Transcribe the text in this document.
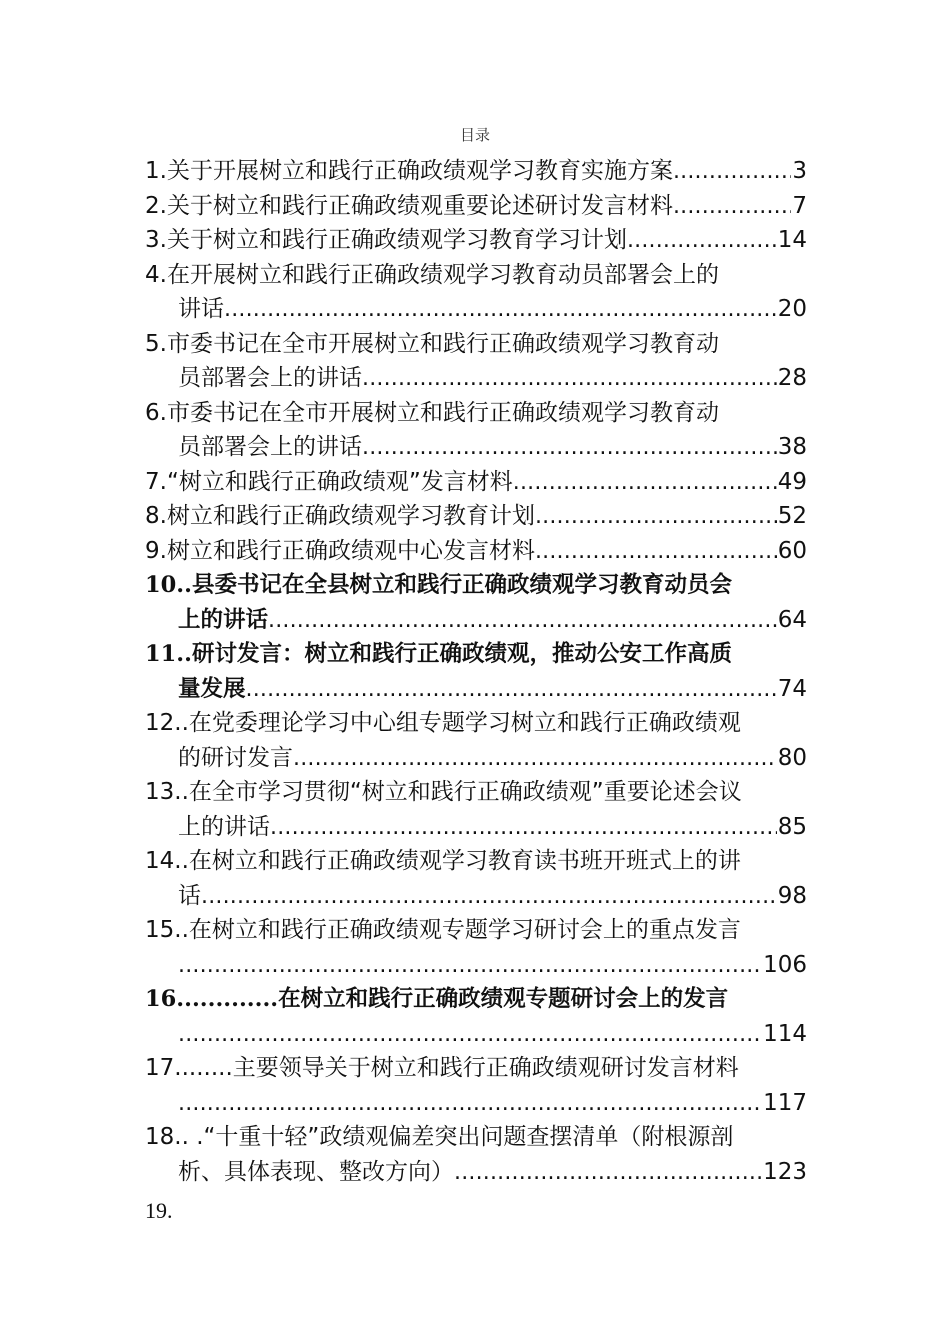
目录
1. 关于开展树立和践行正确政绩观学习教育实施方案 .....	3
2. 关于树立和践行正确政绩观重要论述研讨发言材料 .....	7
3. 关于树立和践行正确政绩观学习教育学习计划 .....	14
4. 在开展树立和践行正确政绩观学习教育动员部署会上的
讲话 .....	20
5. 市委书记在全市开展树立和践行正确政绩观学习教育动
员部署会上的讲话 .....	28
6. 市委书记在全市开展树立和践行正确政绩观学习教育动
员部署会上的讲话 .....	38
7. “树立和践行正确政绩观”发言材料 .....	49
8. 树立和践行正确政绩观学习教育计划 .....	52
9. 树立和践行正确政绩观中心发言材料 .....	60
10.. 县委书记在全县树立和践行正确政绩观学习教育动员会
上的讲话 .....	64
11.. 研讨发言：树立和践行正确政绩观，推动公安工作高质
量发展 .....	74
12.. 在党委理论学习中心组专题学习树立和践行正确政绩观
的研讨发言 .....	80
13.. 在全市学习贯彻“树立和践行正确政绩观”重要论述会议
上的讲话 .....	85
14.. 在树立和践行正确政绩观学习教育读书班开班式上的讲
话 .....	98
15.. 在树立和践行正确政绩观专题学习研讨会上的重点发言
.....
106
16............. 在树立和践行正确政绩观专题研讨会上的发言
.....
114
17........ 主要领导关于树立和践行正确政绩观研讨发言材料
.....
117
18.. . “十重十轻”政绩观偏差突出问题查摆清单（附根源剖
析、具体表现、整改方向） .....	123
19.
